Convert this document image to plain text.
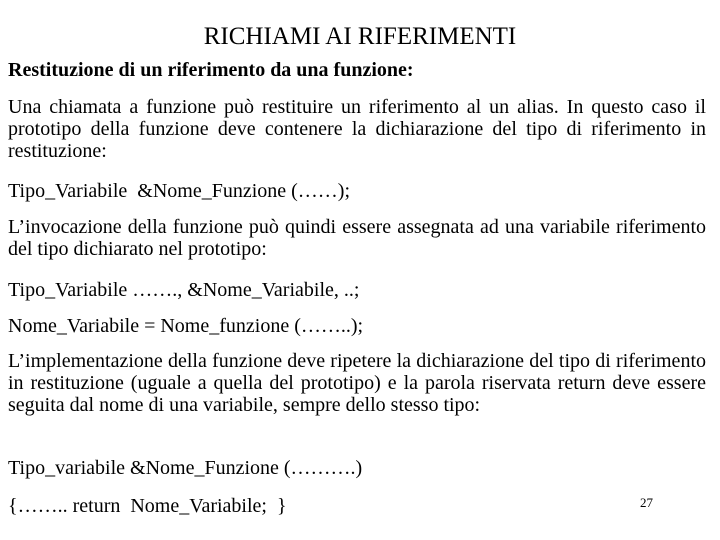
RICHIAMI AI RIFERIMENTI
Restituzione di un riferimento da una funzione:
Una chiamata a funzione può restituire un riferimento al un alias. In questo caso il prototipo della funzione deve contenere la dichiarazione del tipo di riferimento in restituzione:
Tipo_Variabile  &Nome_Funzione (……);
L’invocazione della funzione può quindi essere assegnata ad una variabile riferimento del tipo dichiarato nel prototipo:
Tipo_Variabile ……., &Nome_Variabile, ..;
Nome_Variabile = Nome_funzione (……..);
L’implementazione della funzione deve ripetere la dichiarazione del tipo di riferimento in restituzione (uguale a quella del prototipo) e la parola riservata return deve essere seguita dal nome di una variabile, sempre dello stesso tipo:
Tipo_variabile &Nome_Funzione (……….)
{…….. return  Nome_Variabile;  }	27
